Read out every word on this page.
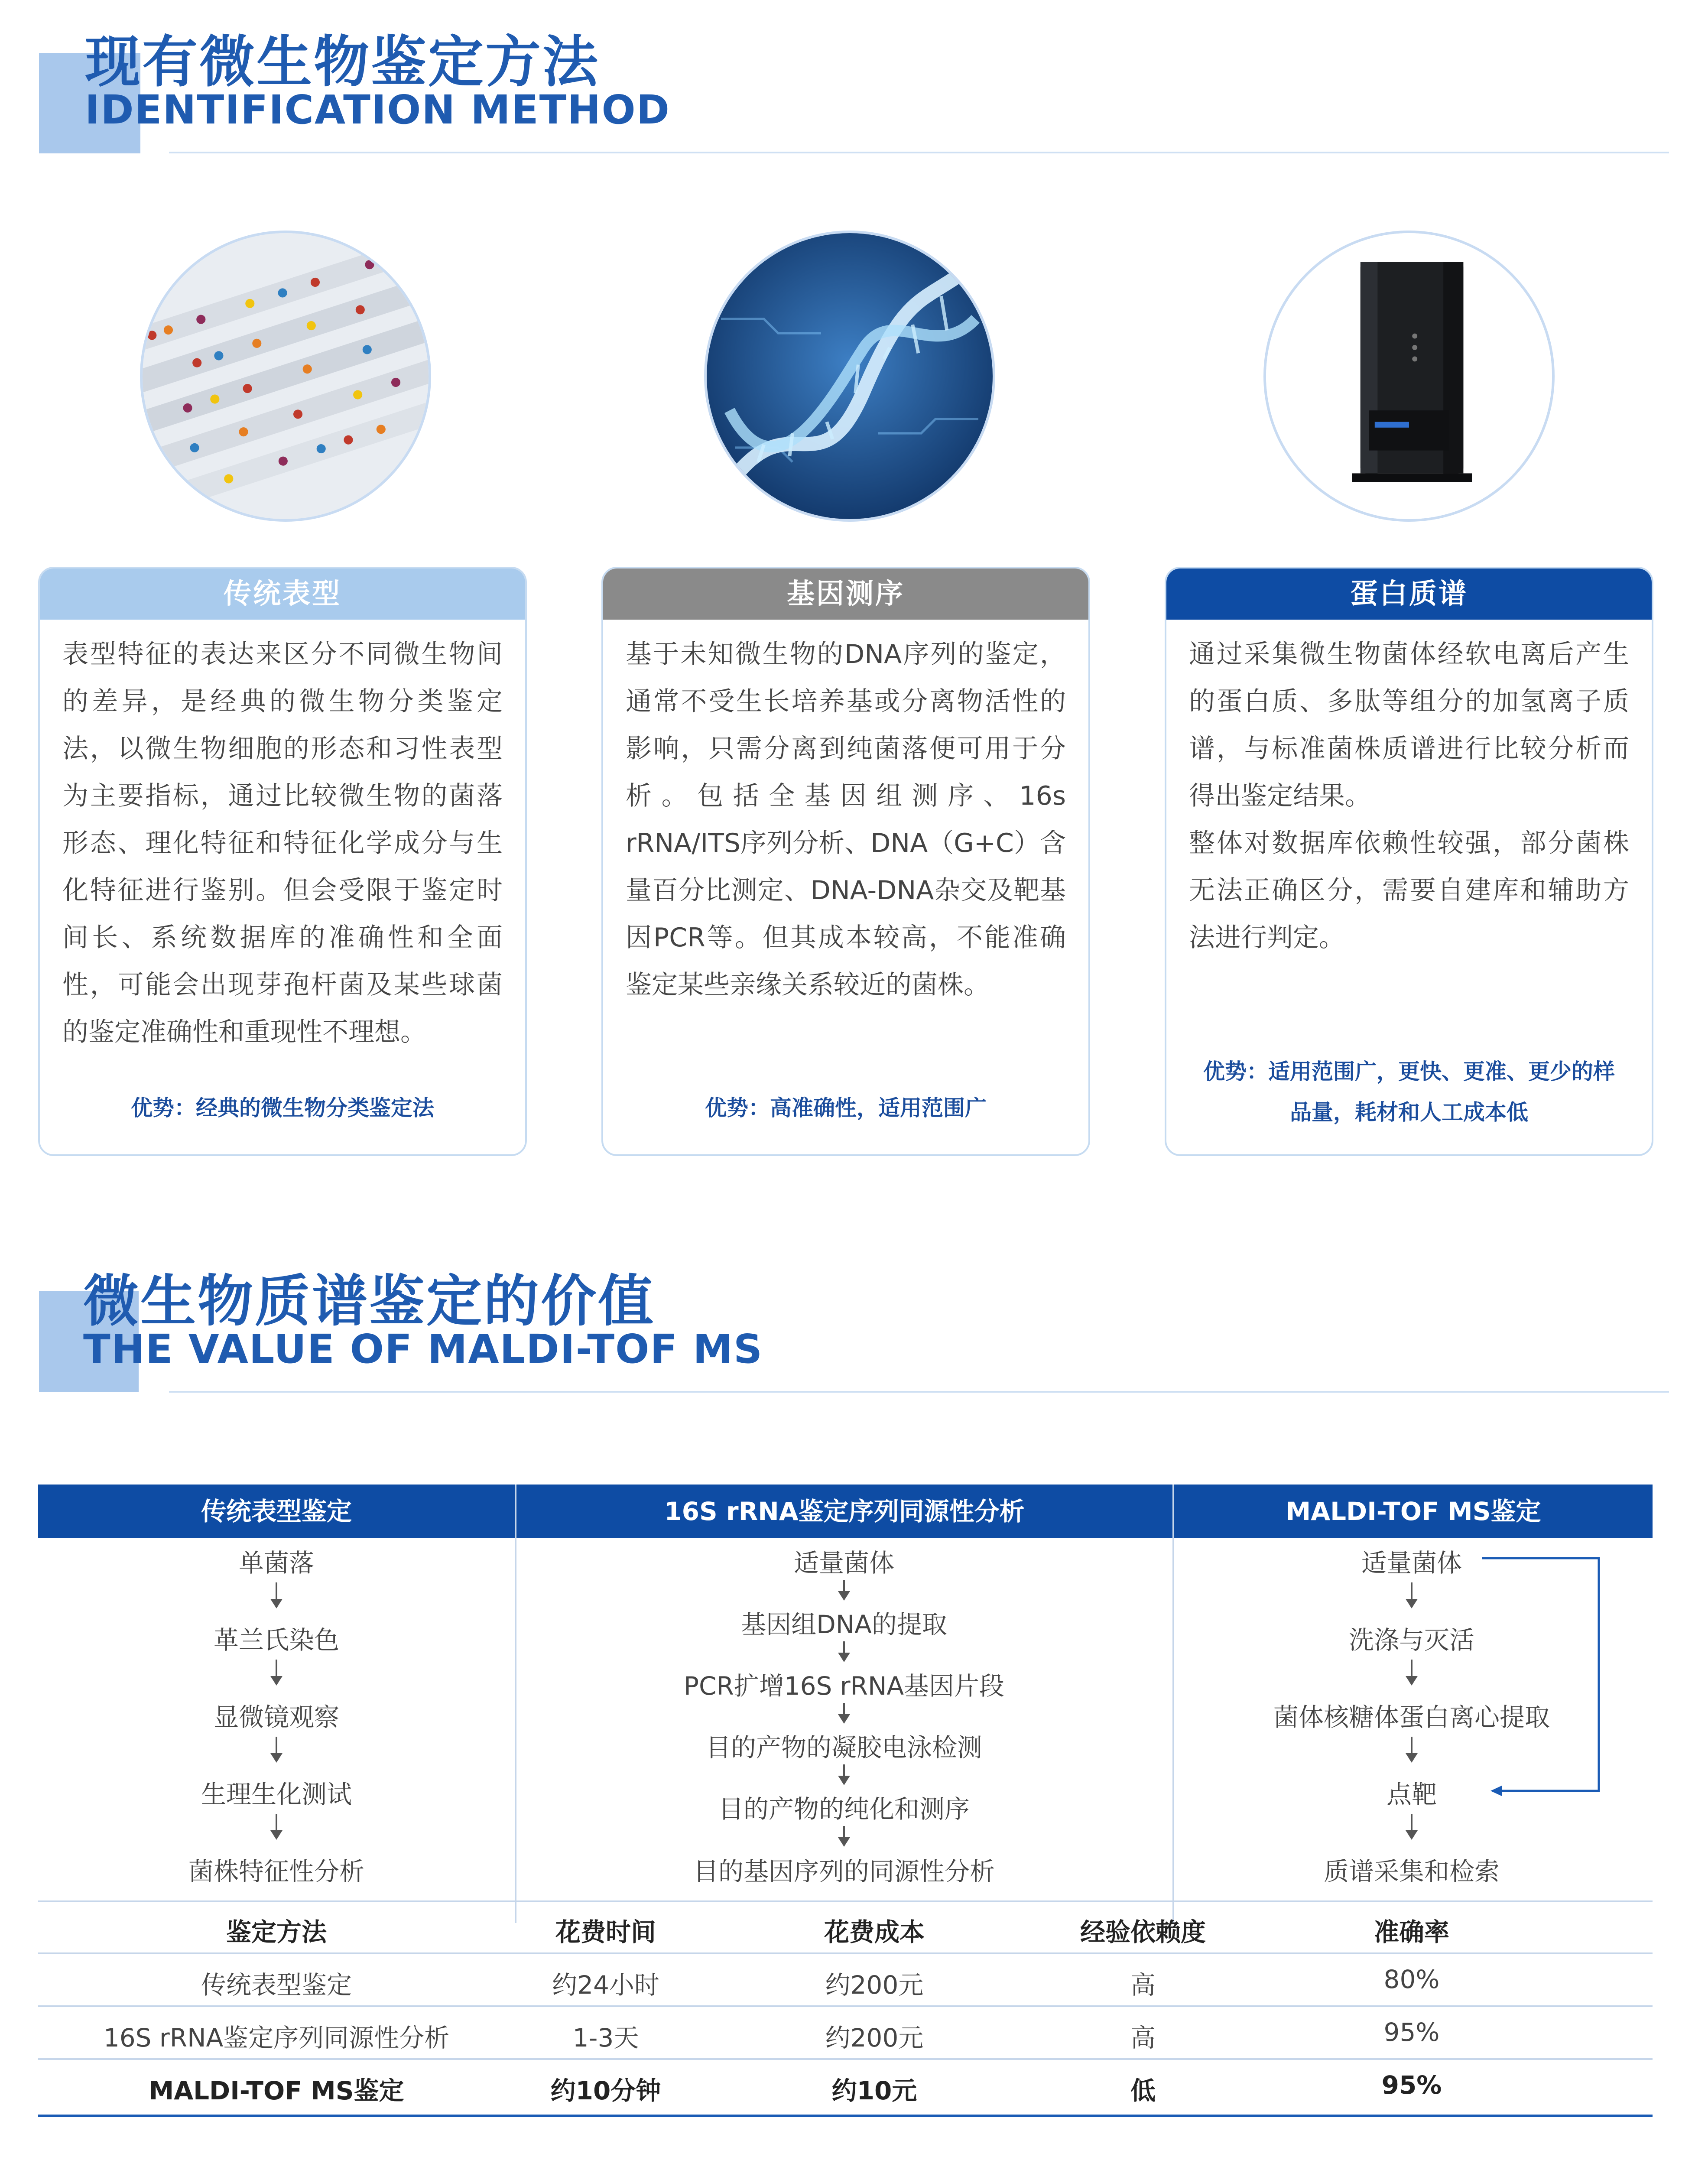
现有微生物鉴定方法
IDENTIFICATION METHOD
传统表型

表型特征的表达来区分不同微生物间的差异，是经典的微生物分类鉴定法，以微生物细胞的形态和习性表型为主要指标，通过比较微生物的菌落形态、理化特征和特征化学成分与生化特征进行鉴别。但会受限于鉴定时间长、系统数据库的准确性和全面性，可能会出现芽孢杆菌及某些球菌的鉴定准确性和重现性不理想。

优势：经典的微生物分类鉴定法
基因测序

基于未知微生物的DNA序列的鉴定，通常不受生长培养基或分离物活性的影响，只需分离到纯菌落便可用于分析。包括全基因组测序、16s rRNA/ITS序列分析、DNA（G+C）含量百分比测定、DNA-DNA杂交及靶基因PCR等。但其成本较高，不能准确鉴定某些亲缘关系较近的菌株。

优势：高准确性，适用范围广
蛋白质谱

通过采集微生物菌体经软电离后产生的蛋白质、多肽等组分的加氢离子质谱，与标准菌株质谱进行比较分析而得出鉴定结果。

整体对数据库依赖性较强，部分菌株无法正确区分，需要自建库和辅助方法进行判定。

优势：适用范围广，更快、更准、更少的样品量，耗材和人工成本低
微生物质谱鉴定的价值
THE VALUE OF MALDI-TOF MS
传统表型鉴定	16S rRNA鉴定序列同源性分析	MALDI-TOF MS鉴定
单菌落
革兰氏染色
显微镜观察
生理生化测试
菌株特征性分析
适量菌体
基因组DNA的提取
PCR扩增16S rRNA基因片段
目的产物的凝胶电泳检测
目的产物的纯化和测序
目的基因序列的同源性分析
适量菌体
洗涤与灭活
菌体核糖体蛋白离心提取
点靶
质谱采集和检索
鉴定方法	花费时间	花费成本	经验依赖度	准确率
传统表型鉴定	约24小时	约200元	高	80%
16S rRNA鉴定序列同源性分析	1-3天	约200元	高	95%
MALDI-TOF MS鉴定	约10分钟	约10元	低	95%
